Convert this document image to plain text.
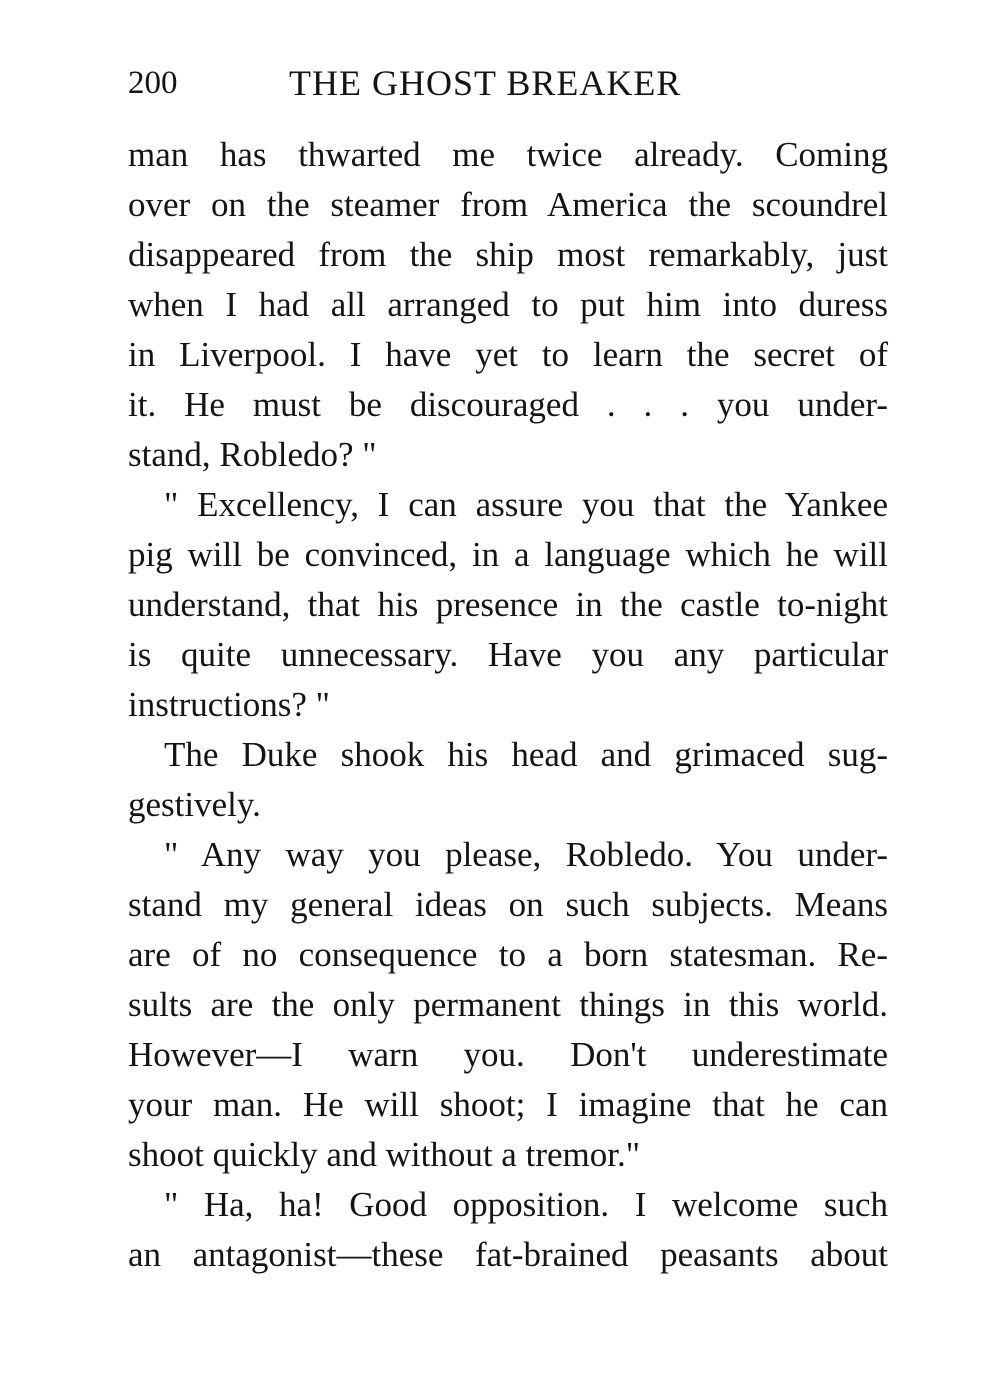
200	THE GHOST BREAKER
man has thwarted me twice already. Coming
over on the steamer from America the scoundrel
disappeared from the ship most remarkably, just
when I had all arranged to put him into duress
in Liverpool. I have yet to learn the secret of
it. He must be discouraged . . . you under-
stand, Robledo? "
" Excellency, I can assure you that the Yankee
pig will be convinced, in a language which he will
understand, that his presence in the castle to-night
is quite unnecessary. Have you any particular
instructions? "
The Duke shook his head and grimaced sug-
gestively.
" Any way you please, Robledo. You under-
stand my general ideas on such subjects. Means
are of no consequence to a born statesman. Re-
sults are the only permanent things in this world.
However—I warn you. Don't underestimate
your man. He will shoot; I imagine that he can
shoot quickly and without a tremor."
" Ha, ha! Good opposition. I welcome such
an antagonist—these fat-brained peasants about
